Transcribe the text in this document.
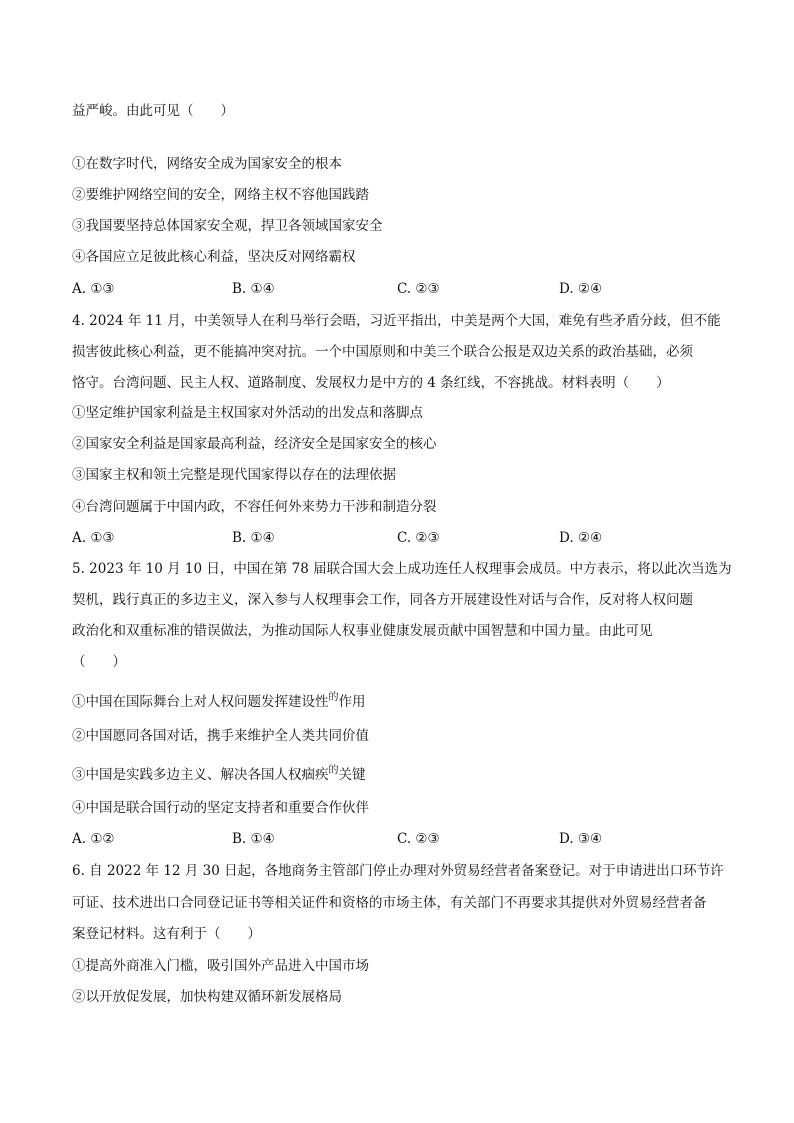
益严峻。由此可见（　　）
①在数字时代，网络安全成为国家安全的根本
②要维护网络空间的安全，网络主权不容他国践踏
③我国要坚持总体国家安全观，捍卫各领域国家安全
④各国应立足彼此核心利益，坚决反对网络霸权
A. ①③	B. ①④	C. ②③	D. ②④
4. 2024 年 11 月，中美领导人在利马举行会晤，习近平指出，中美是两个大国，难免有些矛盾分歧，但不能
损害彼此核心利益，更不能搞冲突对抗。一个中国原则和中美三个联合公报是双边关系的政治基础，必须
恪守。台湾问题、民主人权、道路制度、发展权力是中方的 4 条红线，不容挑战。材料表明（　　）
①坚定维护国家利益是主权国家对外活动的出发点和落脚点
②国家安全利益是国家最高利益，经济安全是国家安全的核心
③国家主权和领土完整是现代国家得以存在的法理依据
④台湾问题属于中国内政，不容任何外来势力干涉和制造分裂
A. ①③	B. ①④	C. ②③	D. ②④
5. 2023 年 10 月 10 日，中国在第 78 届联合国大会上成功连任人权理事会成员。中方表示，将以此次当选为
契机，践行真正的多边主义，深入参与人权理事会工作，同各方开展建设性对话与合作，反对将人权问题
政治化和双重标准的错误做法，为推动国际人权事业健康发展贡献中国智慧和中国力量。由此可见
（　　）
①中国在国际舞台上对人权问题发挥建设性$^的$作用
②中国愿同各国对话，携手来维护全人类共同价值
③中国是实践多边主义、解决各国人权痼疾$^的$关键
④中国是联合国行动的坚定支持者和重要合作伙伴
A. ①②	B. ①④	C. ②③	D. ③④
6. 自 2022 年 12 月 30 日起，各地商务主管部门停止办理对外贸易经营者备案登记。对于申请进出口环节许
可证、技术进出口合同登记证书等相关证件和资格的市场主体，有关部门不再要求其提供对外贸易经营者备
案登记材料。这有利于（　　）
①提高外商准入门槛，吸引国外产品进入中国市场
②以开放促发展，加快构建双循环新发展格局
